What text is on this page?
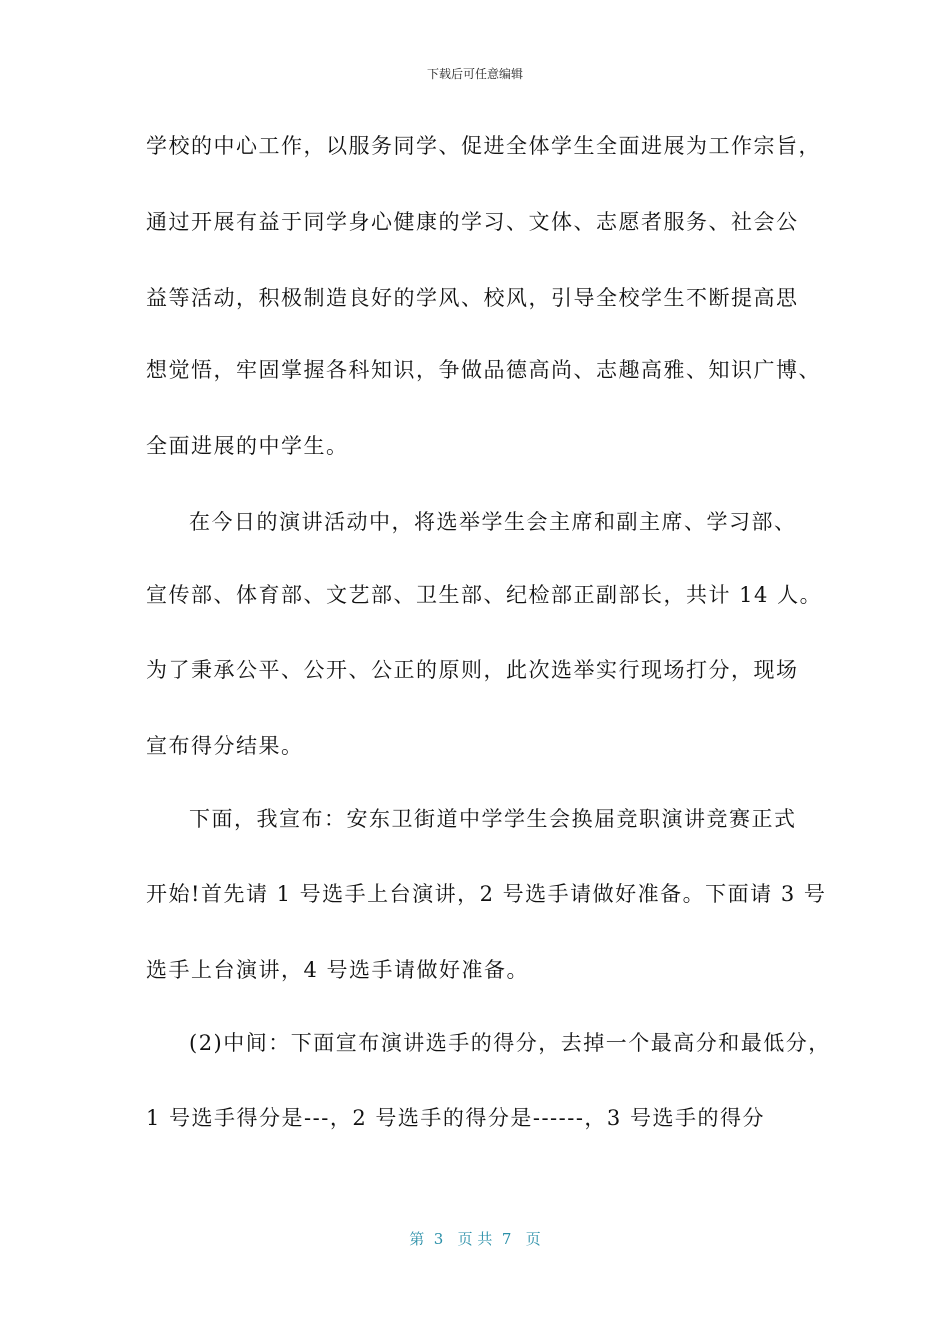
下载后可任意编辑
学校的中心工作，以服务同学、促进全体学生全面进展为工作宗旨，
通过开展有益于同学身心健康的学习、文体、志愿者服务、社会公
益等活动，积极制造良好的学风、校风，引导全校学生不断提高思
想觉悟，牢固掌握各科知识，争做品德高尚、志趣高雅、知识广博、
全面进展的中学生。
在今日的演讲活动中，将选举学生会主席和副主席、学习部、
宣传部、体育部、文艺部、卫生部、纪检部正副部长，共计 14 人。
为了秉承公平、公开、公正的原则，此次选举实行现场打分，现场
宣布得分结果。
下面，我宣布：安东卫街道中学学生会换届竞职演讲竞赛正式
开始!首先请 1 号选手上台演讲，2 号选手请做好准备。下面请 3 号
选手上台演讲，4 号选手请做好准备。
(2)中间：下面宣布演讲选手的得分，去掉一个最高分和最低分，
1 号选手得分是---，2 号选手的得分是------，3 号选手的得分
第  3   页 共  7   页
